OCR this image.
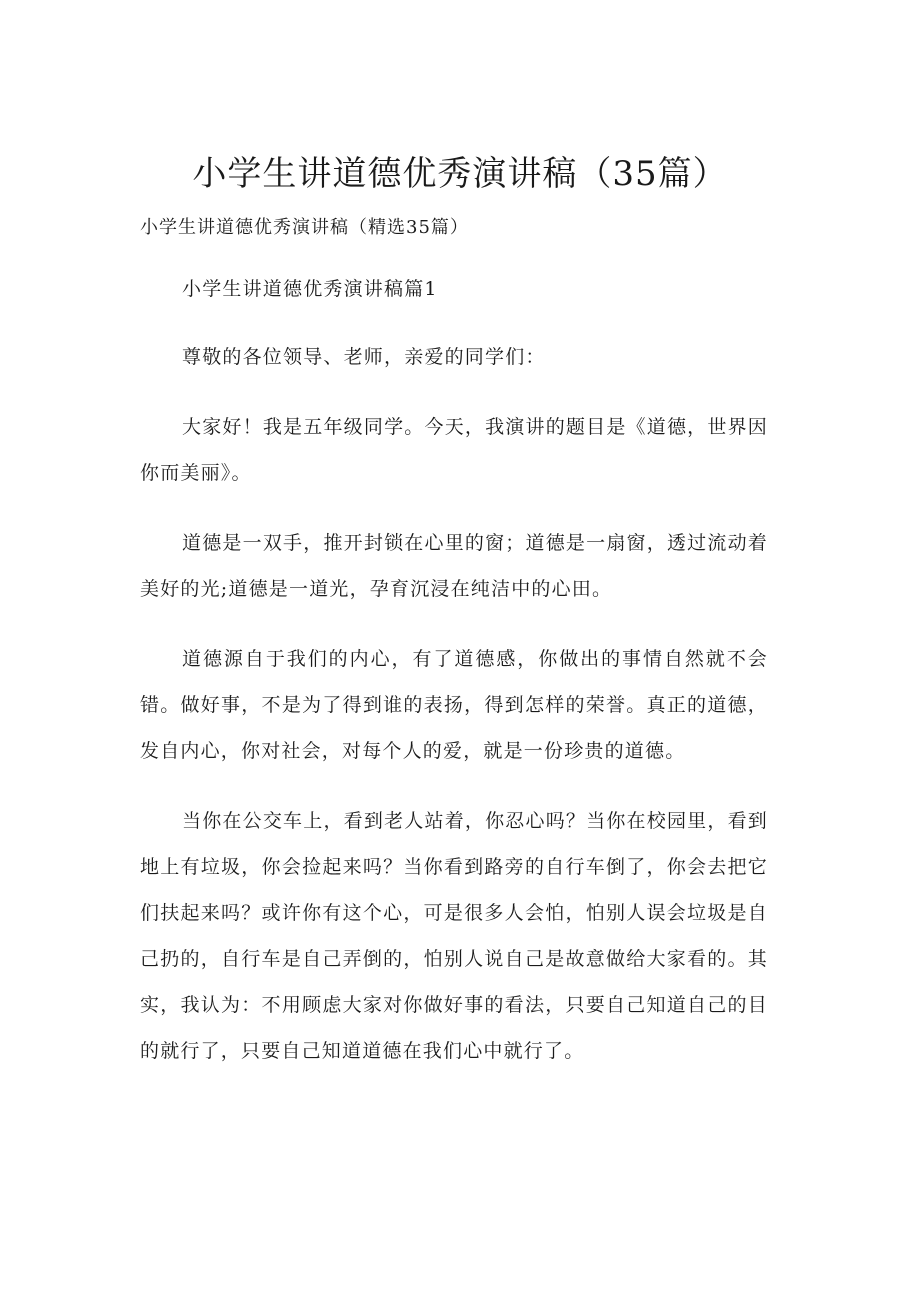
小学生讲道德优秀演讲稿（35篇）

小学生讲道德优秀演讲稿（精选35篇）

小学生讲道德优秀演讲稿篇1

尊敬的各位领导、老师，亲爱的同学们：

大家好！我是五年级同学。今天，我演讲的题目是《道德，世界因你而美丽》。

道德是一双手，推开封锁在心里的窗；道德是一扇窗，透过流动着美好的光;道德是一道光，孕育沉浸在纯洁中的心田。

道德源自于我们的内心，有了道德感，你做出的事情自然就不会错。做好事，不是为了得到谁的表扬，得到怎样的荣誉。真正的道德，发自内心，你对社会，对每个人的爱，就是一份珍贵的道德。

当你在公交车上，看到老人站着，你忍心吗？当你在校园里，看到地上有垃圾，你会捡起来吗？当你看到路旁的自行车倒了，你会去把它们扶起来吗？或许你有这个心，可是很多人会怕，怕别人误会垃圾是自己扔的，自行车是自己弄倒的，怕别人说自己是故意做给大家看的。其实，我认为：不用顾虑大家对你做好事的看法，只要自己知道自己的目的就行了，只要自己知道道德在我们心中就行了。
